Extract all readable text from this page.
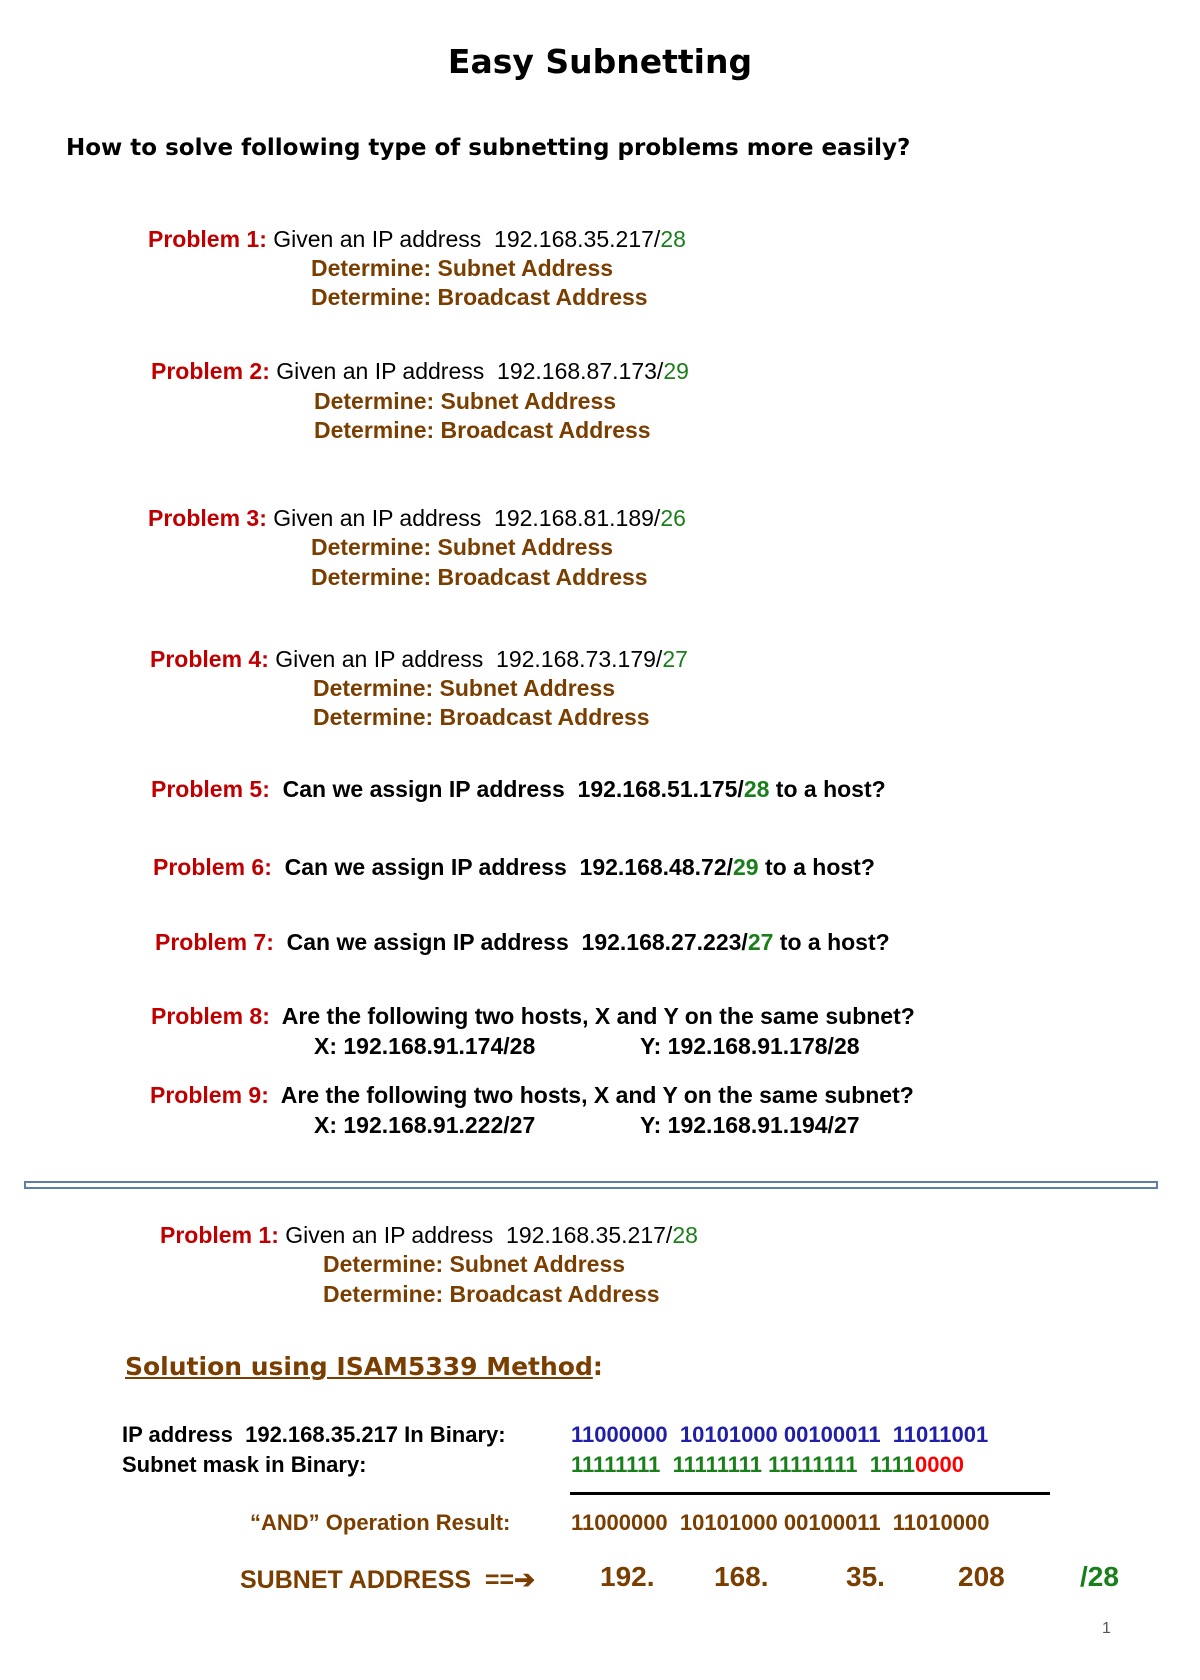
Easy Subnetting
How to solve following type of subnetting problems more easily?
Problem 1: Given an IP address  192.168.35.217/28
Determine: Subnet Address
Determine: Broadcast Address
Problem 2: Given an IP address  192.168.87.173/29
Determine: Subnet Address
Determine: Broadcast Address
Problem 3: Given an IP address  192.168.81.189/26
Determine: Subnet Address
Determine: Broadcast Address
Problem 4: Given an IP address  192.168.73.179/27
Determine: Subnet Address
Determine: Broadcast Address
Problem 5:  Can we assign IP address  192.168.51.175/28 to a host?
Problem 6:  Can we assign IP address  192.168.48.72/29 to a host?
Problem 7:  Can we assign IP address  192.168.27.223/27 to a host?
Problem 8:  Are the following two hosts, X and Y on the same subnet?
X: 192.168.91.174/28	Y: 192.168.91.178/28
Problem 9:  Are the following two hosts, X and Y on the same subnet?
X: 192.168.91.222/27	Y: 192.168.91.194/27
Problem 1: Given an IP address  192.168.35.217/28
Determine: Subnet Address
Determine: Broadcast Address
Solution using ISAM5339 Method:
IP address  192.168.35.217 In Binary:	11000000  10101000 00100011  11011001
Subnet mask in Binary:	11111111  11111111 11111111  11110000
“AND” Operation Result:	11000000  10101000 00100011  11010000
SUBNET ADDRESS  ==➔ 192. 168.	35.	208	/28
1
